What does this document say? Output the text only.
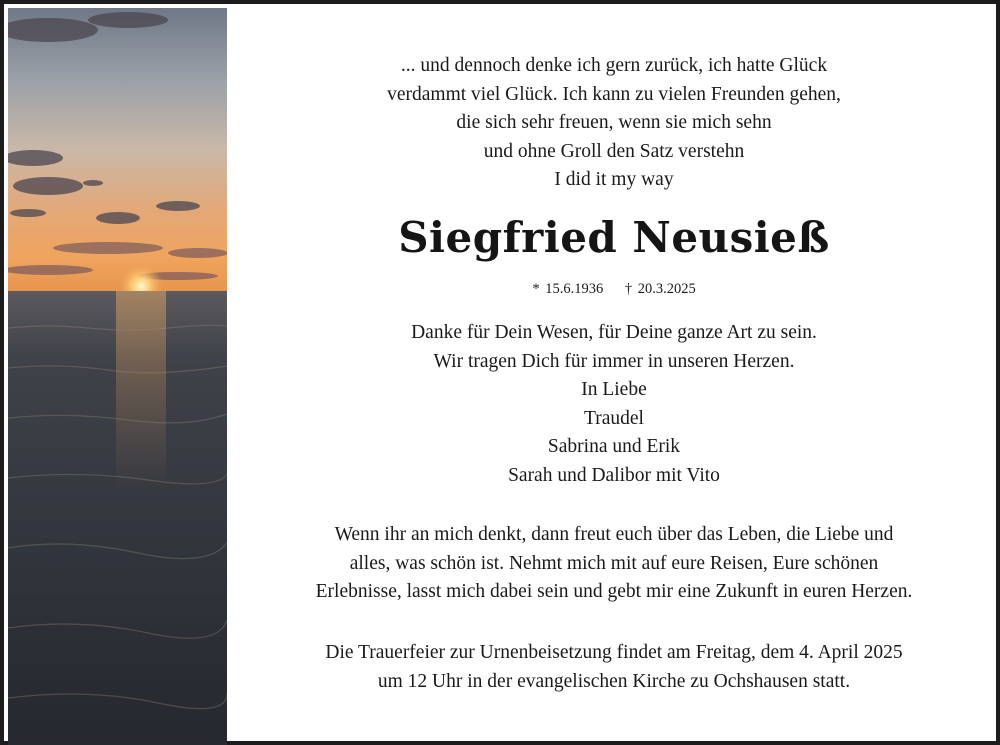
... und dennoch denke ich gern zurück, ich hatte Glück
verdammt viel Glück. Ich kann zu vielen Freunden gehen,
die sich sehr freuen, wenn sie mich sehn
und ohne Groll den Satz verstehn
I did it my way
Siegfried Neusieß
* 15.6.1936 † 20.3.2025
Danke für Dein Wesen, für Deine ganze Art zu sein.
Wir tragen Dich für immer in unseren Herzen.
In Liebe
Traudel
Sabrina und Erik
Sarah und Dalibor mit Vito
Wenn ihr an mich denkt, dann freut euch über das Leben, die Liebe und
alles, was schön ist. Nehmt mich mit auf eure Reisen, Eure schönen
Erlebnisse, lasst mich dabei sein und gebt mir eine Zukunft in euren Herzen.
Die Trauerfeier zur Urnenbeisetzung findet am Freitag, dem 4. April 2025
um 12 Uhr in der evangelischen Kirche zu Ochshausen statt.
